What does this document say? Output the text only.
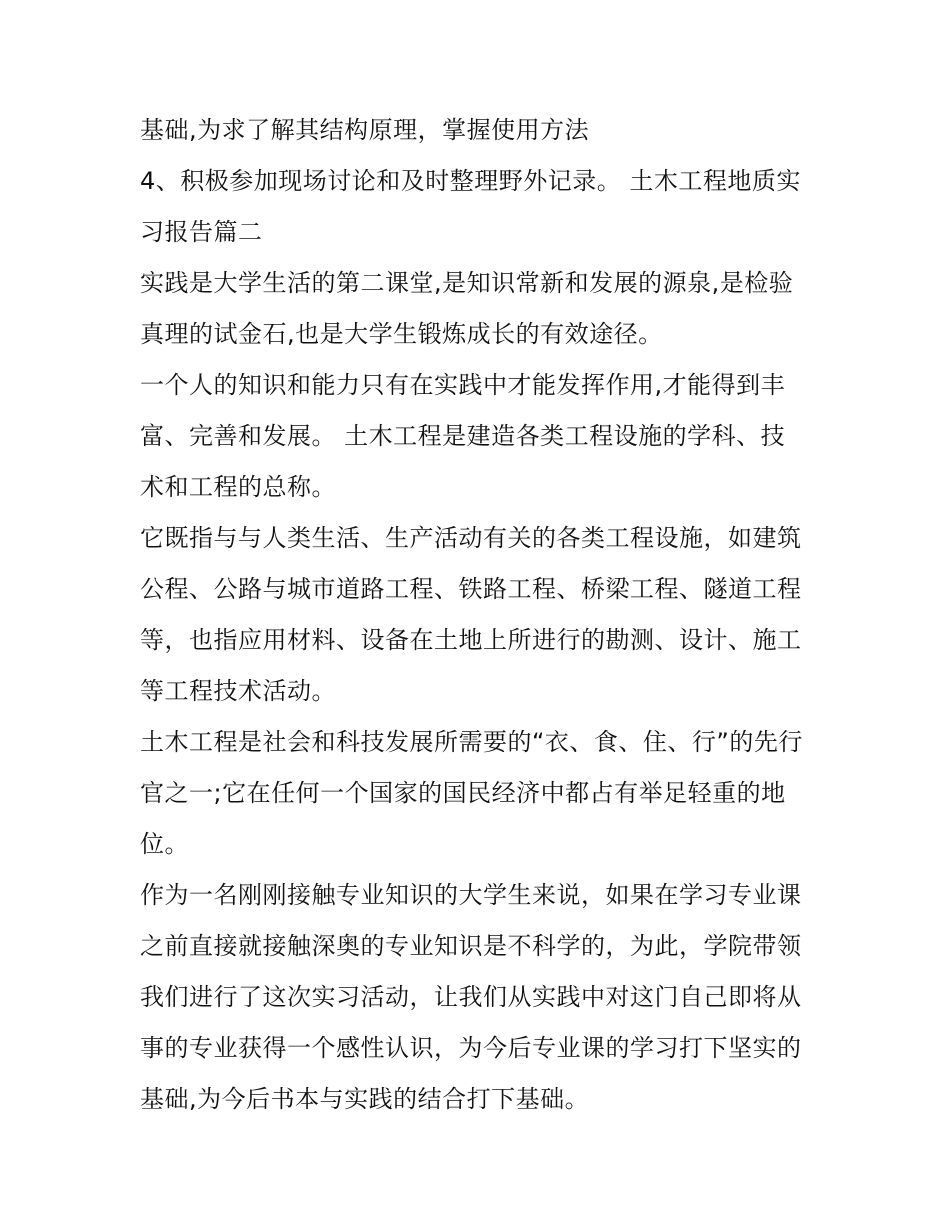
基础,为求了解其结构原理，掌握使用方法
4、积极参加现场讨论和及时整理野外记录。 土木工程地质实
习报告篇二
实践是大学生活的第二课堂,是知识常新和发展的源泉,是检验
真理的试金石,也是大学生锻炼成长的有效途径。
一个人的知识和能力只有在实践中才能发挥作用,才能得到丰
富、完善和发展。 土木工程是建造各类工程设施的学科、技
术和工程的总称。
它既指与与人类生活、生产活动有关的各类工程设施，如建筑
公程、公路与城市道路工程、铁路工程、桥梁工程、隧道工程
等，也指应用材料、设备在土地上所进行的勘测、设计、施工
等工程技术活动。
土木工程是社会和科技发展所需要的“衣、食、住、行”的先行
官之一;它在任何一个国家的国民经济中都占有举足轻重的地
位。
作为一名刚刚接触专业知识的大学生来说，如果在学习专业课
之前直接就接触深奥的专业知识是不科学的，为此，学院带领
我们进行了这次实习活动，让我们从实践中对这门自己即将从
事的专业获得一个感性认识，为今后专业课的学习打下坚实的
基础,为今后书本与实践的结合打下基础。
